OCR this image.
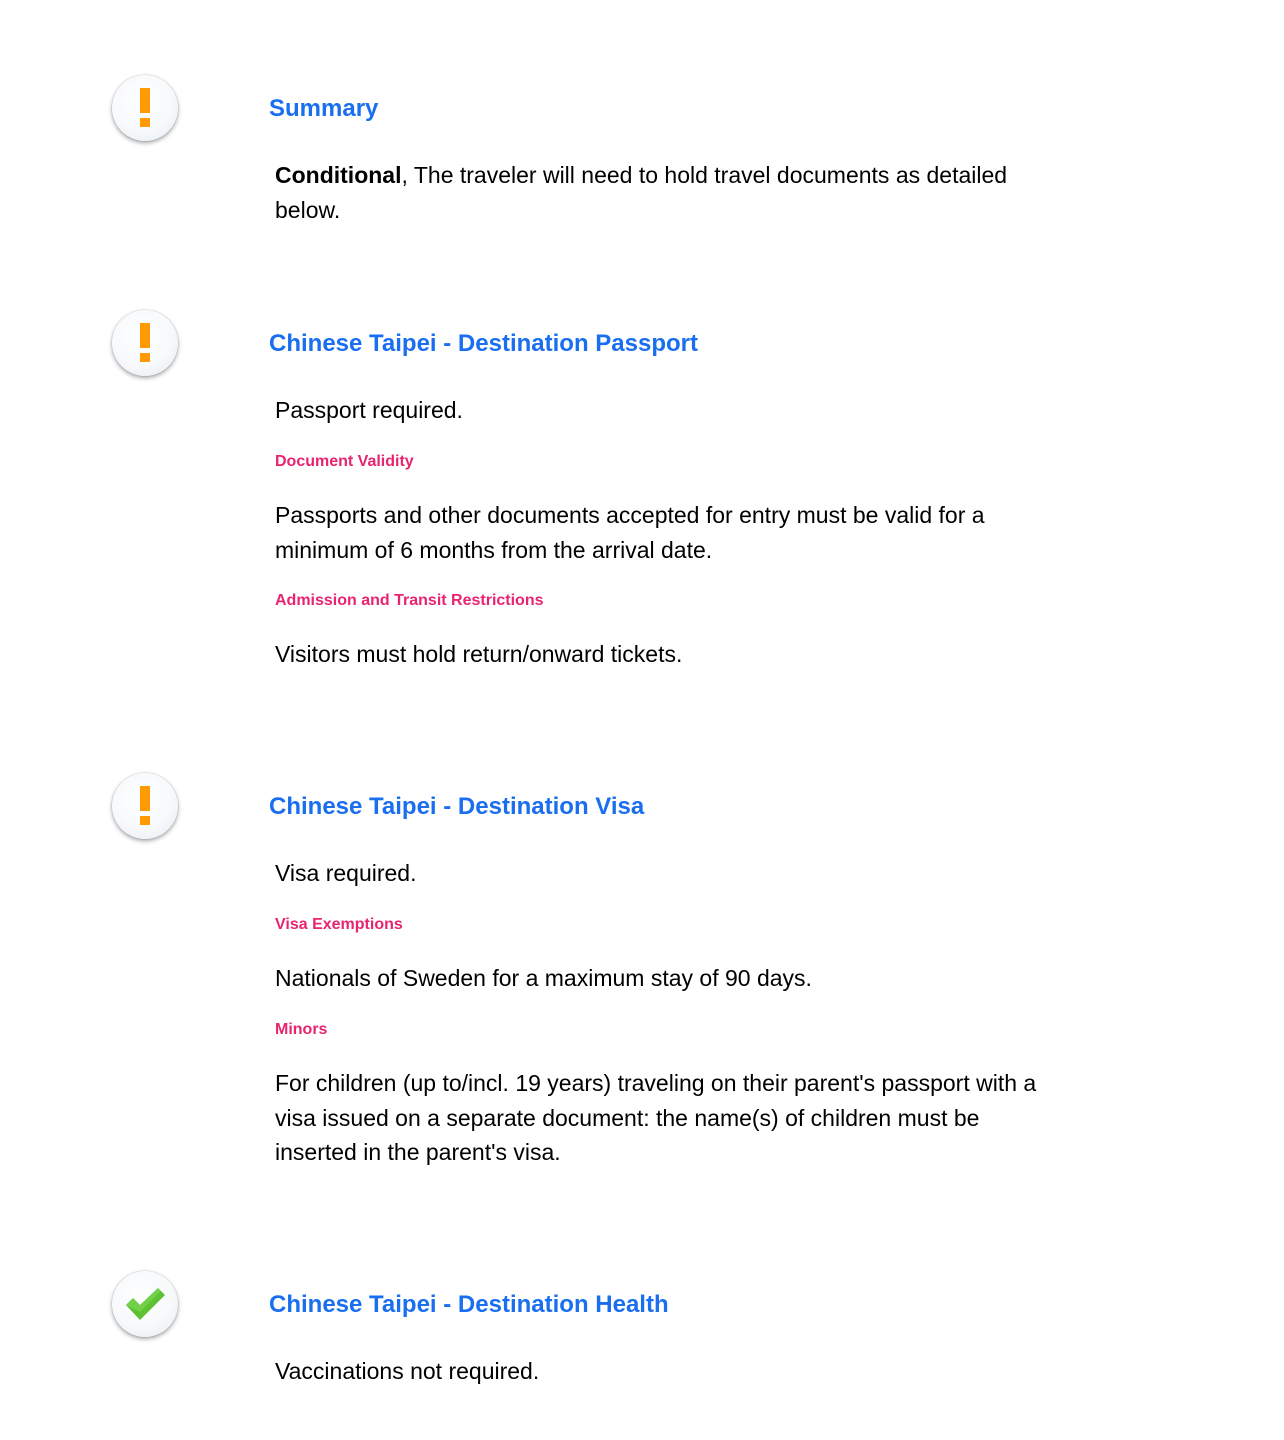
Summary

Conditional, The traveler will need to hold travel documents as detailed below.

Chinese Taipei - Destination Passport

Passport required.

Document Validity

Passports and other documents accepted for entry must be valid for a minimum of 6 months from the arrival date.

Admission and Transit Restrictions

Visitors must hold return/onward tickets.

Chinese Taipei - Destination Visa

Visa required.

Visa Exemptions

Nationals of Sweden for a maximum stay of 90 days.

Minors

For children (up to/incl. 19 years) traveling on their parent's passport with a visa issued on a separate document: the name(s) of children must be inserted in the parent's visa.

Chinese Taipei - Destination Health

Vaccinations not required.
